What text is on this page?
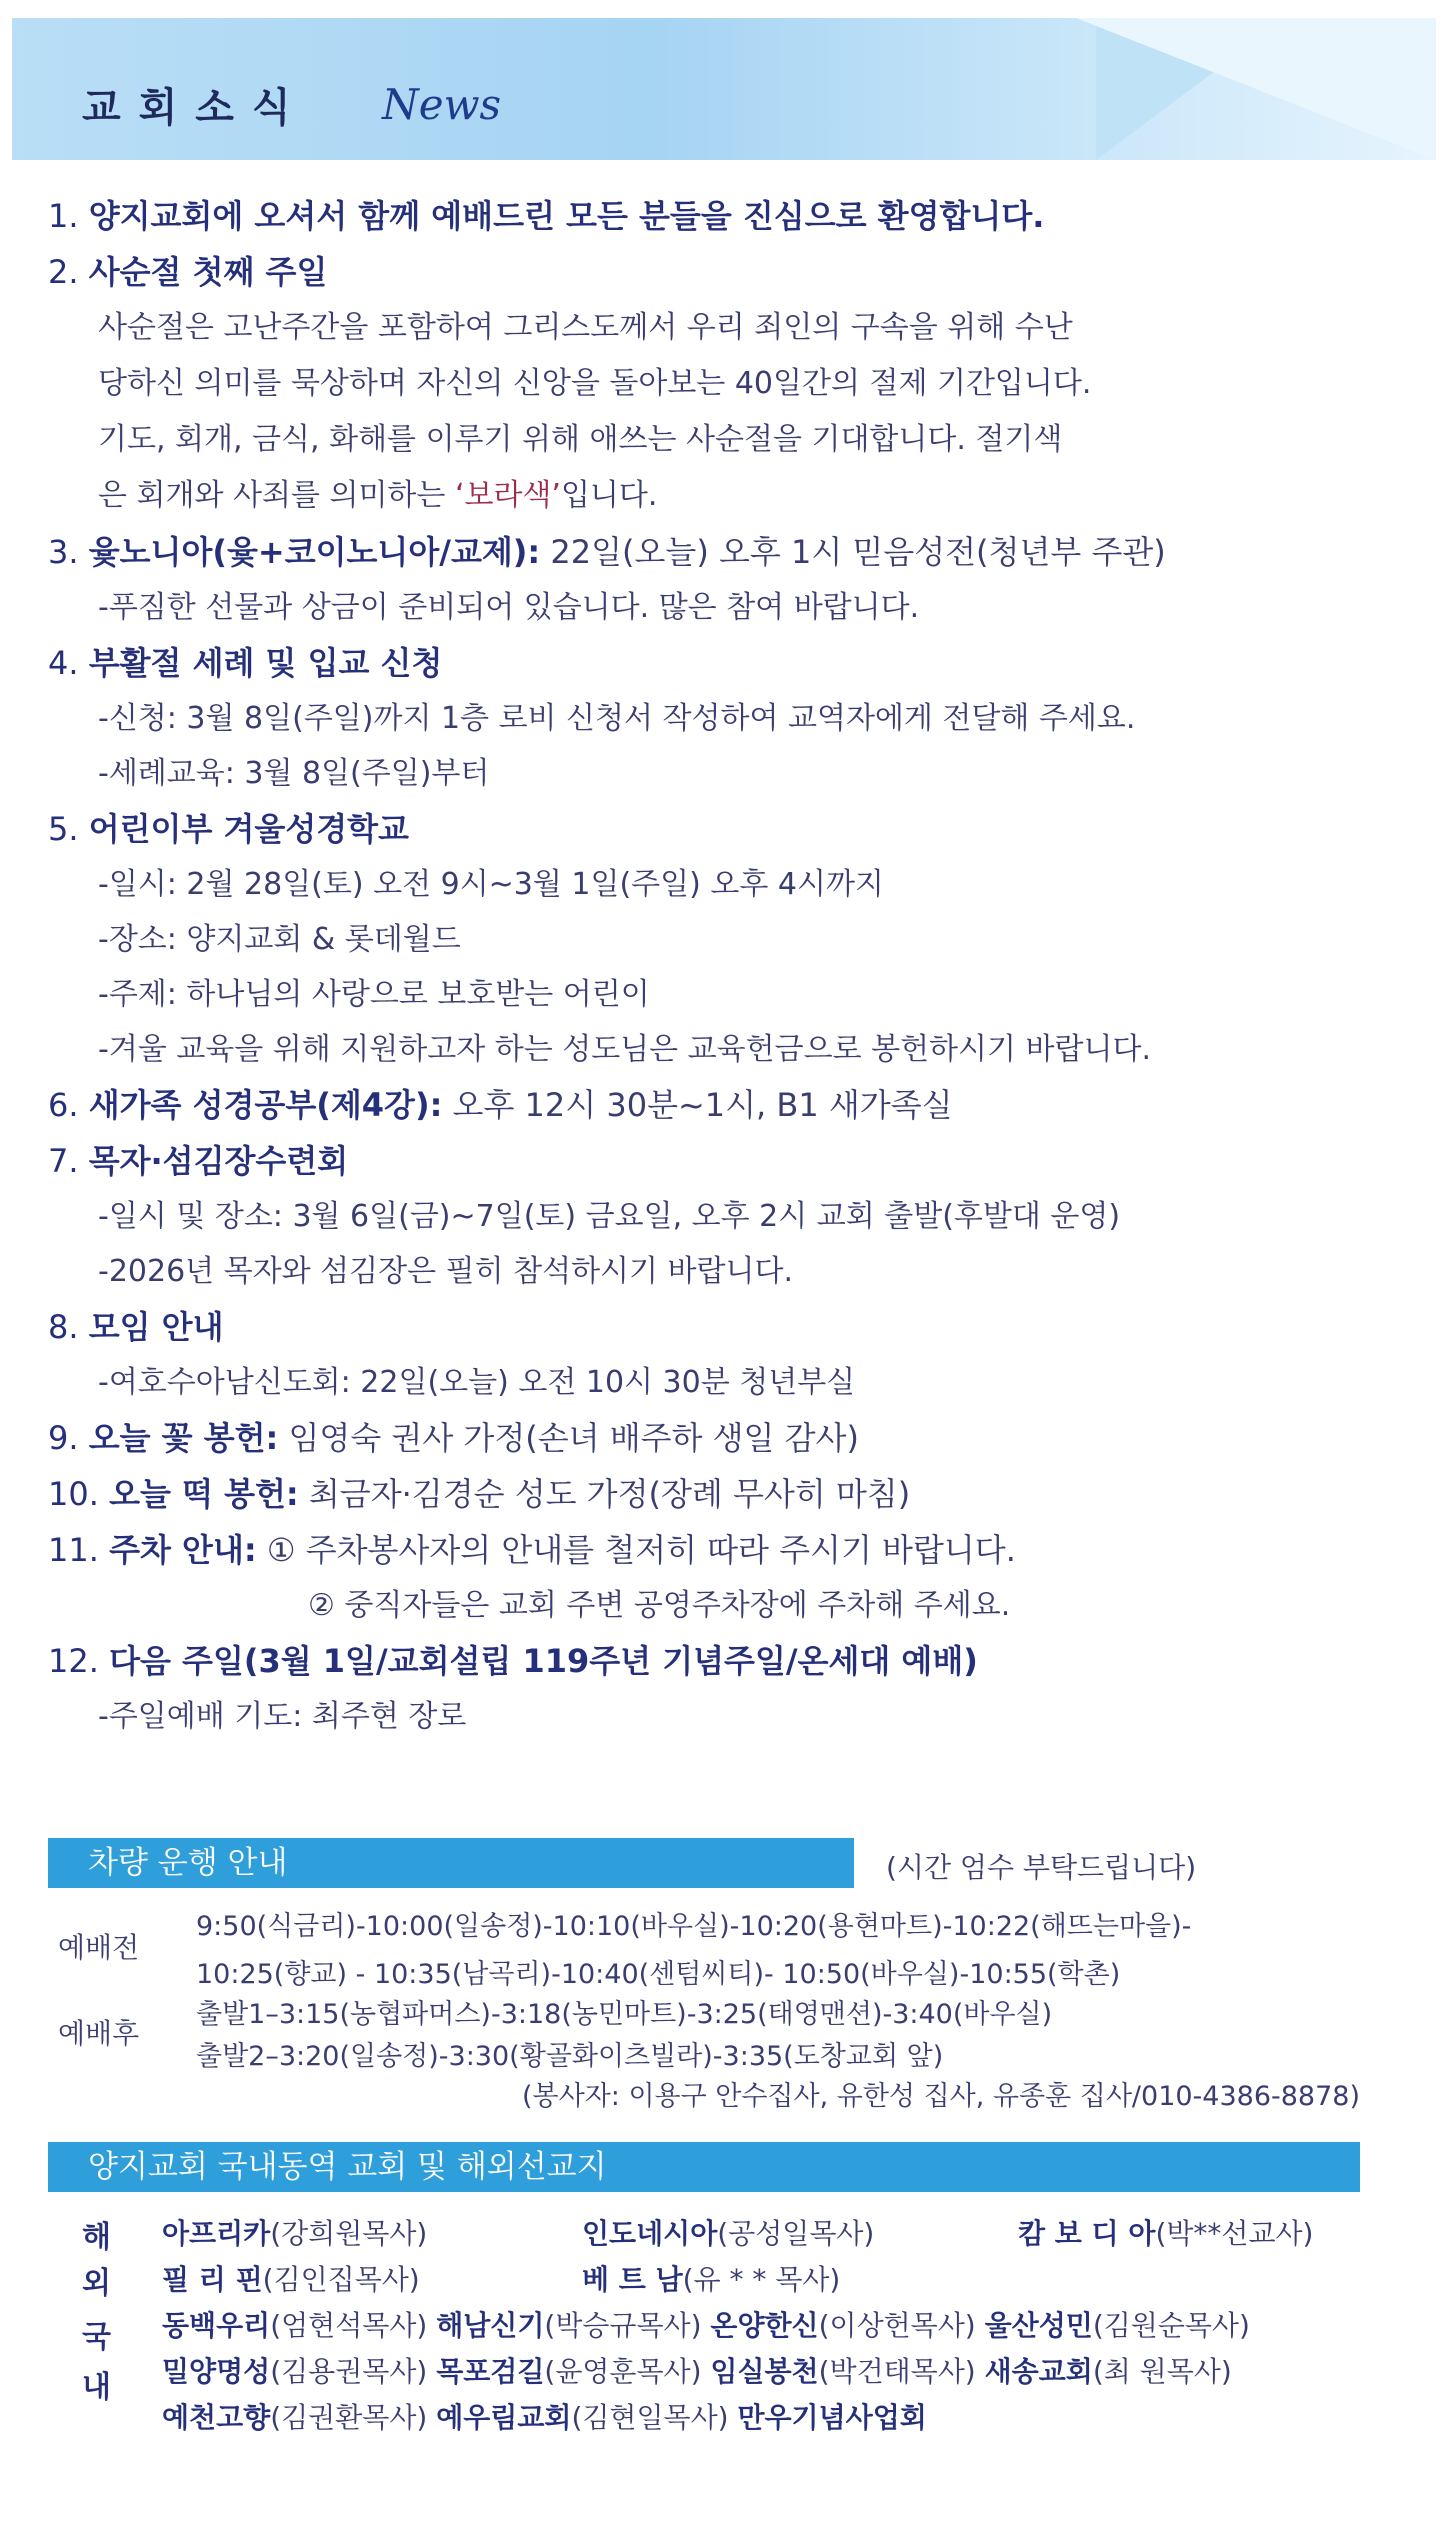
교회소식 News
1. 양지교회에 오셔서 함께 예배드린 모든 분들을 진심으로 환영합니다.
2. 사순절 첫째 주일
사순절은 고난주간을 포함하여 그리스도께서 우리 죄인의 구속을 위해 수난
당하신 의미를 묵상하며 자신의 신앙을 돌아보는 40일간의 절제 기간입니다.
기도, 회개, 금식, 화해를 이루기 위해 애쓰는 사순절을 기대합니다. 절기색
은 회개와 사죄를 의미하는 ‘보라색’입니다.
3. 윷노니아(윷+코이노니아/교제): 22일(오늘) 오후 1시 믿음성전(청년부 주관)
-푸짐한 선물과 상금이 준비되어 있습니다. 많은 참여 바랍니다.
4. 부활절 세례 및 입교 신청
-신청: 3월 8일(주일)까지 1층 로비 신청서 작성하여 교역자에게 전달해 주세요.
-세례교육: 3월 8일(주일)부터
5. 어린이부 겨울성경학교
-일시: 2월 28일(토) 오전 9시~3월 1일(주일) 오후 4시까지
-장소: 양지교회 & 롯데월드
-주제: 하나님의 사랑으로 보호받는 어린이
-겨울 교육을 위해 지원하고자 하는 성도님은 교육헌금으로 봉헌하시기 바랍니다.
6. 새가족 성경공부(제4강): 오후 12시 30분~1시, B1 새가족실
7. 목자·섬김장수련회
-일시 및 장소: 3월 6일(금)~7일(토) 금요일, 오후 2시 교회 출발(후발대 운영)
-2026년 목자와 섬김장은 필히 참석하시기 바랍니다.
8. 모임 안내
-여호수아남신도회: 22일(오늘) 오전 10시 30분 청년부실
9. 오늘 꽃 봉헌: 임영숙 권사 가정(손녀 배주하 생일 감사)
10. 오늘 떡 봉헌: 최금자·김경순 성도 가정(장례 무사히 마침)
11. 주차 안내: ① 주차봉사자의 안내를 철저히 따라 주시기 바랍니다.
② 중직자들은 교회 주변 공영주차장에 주차해 주세요.
12. 다음 주일(3월 1일/교회설립 119주년 기념주일/온세대 예배)
-주일예배 기도: 최주현 장로
차량 운행 안내	(시간 엄수 부탁드립니다)
예배전
9:50(식금리)-10:00(일송정)-10:10(바우실)-10:20(용현마트)-10:22(해뜨는마을)-
10:25(향교) - 10:35(남곡리)-10:40(센텀씨티)- 10:50(바우실)-10:55(학촌)
예배후
출발1–3:15(농협파머스)-3:18(농민마트)-3:25(태영맨션)-3:40(바우실)
출발2–3:20(일송정)-3:30(황골화이츠빌라)-3:35(도창교회 앞)
(봉사자: 이용구 안수집사, 유한성 집사, 유종훈 집사/010-4386-8878)
양지교회 국내동역 교회 및 해외선교지
해
외
국
내
아프리카(강희원목사)	인도네시아(공성일목사)	캄 보 디 아(박**선교사)
필 리 핀(김인집목사)	베 트 남(유 * * 목사)
동백우리(엄현석목사) 해남신기(박승규목사) 온양한신(이상헌목사) 울산성민(김원순목사)
밀양명성(김용권목사) 목포검길(윤영훈목사) 임실봉천(박건태목사) 새송교회(최 원목사)
예천고향(김권환목사) 예우림교회(김현일목사) 만우기념사업회
